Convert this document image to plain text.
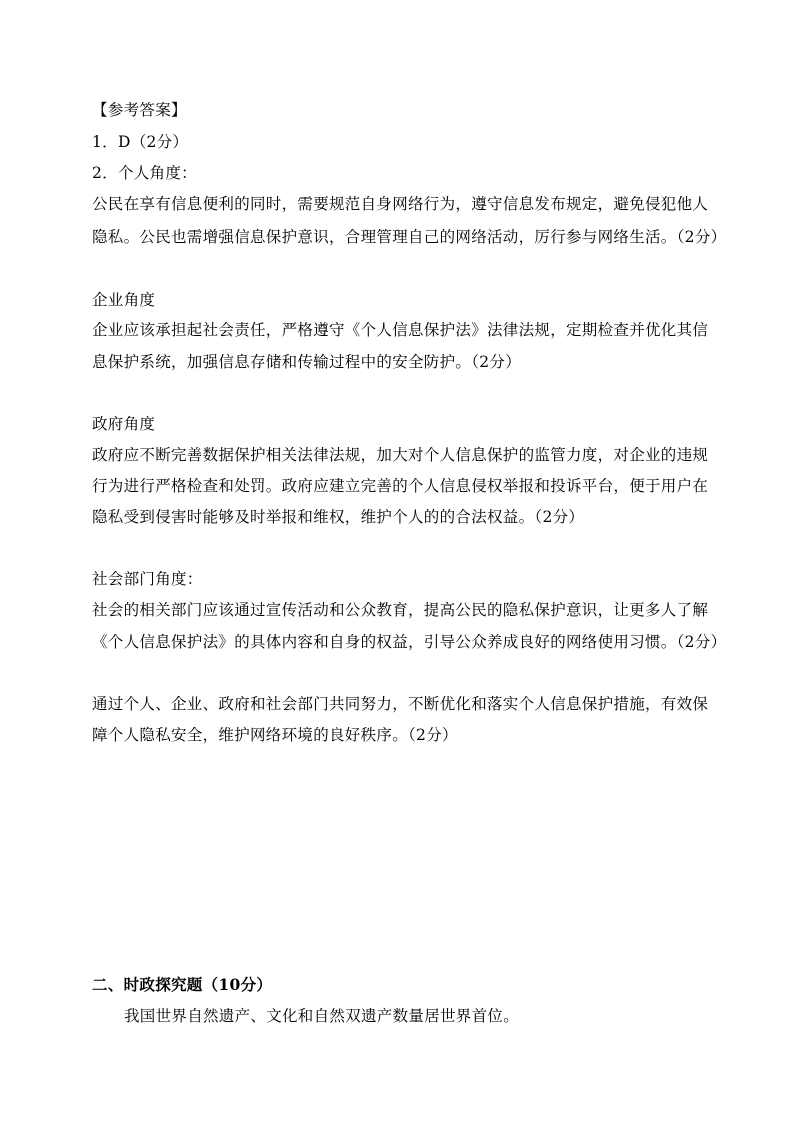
【参考答案】
1．D（2分）
2．个人角度：
公民在享有信息便利的同时，需要规范自身网络行为，遵守信息发布规定，避免侵犯他人
隐私。公民也需增强信息保护意识，合理管理自己的网络活动，厉行参与网络生活。（2分）
企业角度
企业应该承担起社会责任，严格遵守《个人信息保护法》法律法规，定期检查并优化其信
息保护系统，加强信息存储和传输过程中的安全防护。（2分）
政府角度
政府应不断完善数据保护相关法律法规，加大对个人信息保护的监管力度，对企业的违规
行为进行严格检查和处罚。政府应建立完善的个人信息侵权举报和投诉平台，便于用户在
隐私受到侵害时能够及时举报和维权，维护个人的的合法权益。（2分）
社会部门角度：
社会的相关部门应该通过宣传活动和公众教育，提高公民的隐私保护意识，让更多人了解
《个人信息保护法》的具体内容和自身的权益，引导公众养成良好的网络使用习惯。（2分）
通过个人、企业、政府和社会部门共同努力，不断优化和落实个人信息保护措施，有效保
障个人隐私安全，维护网络环境的良好秩序。（2分）
二、时政探究题（10分）
我国世界自然遗产、文化和自然双遗产数量居世界首位。
